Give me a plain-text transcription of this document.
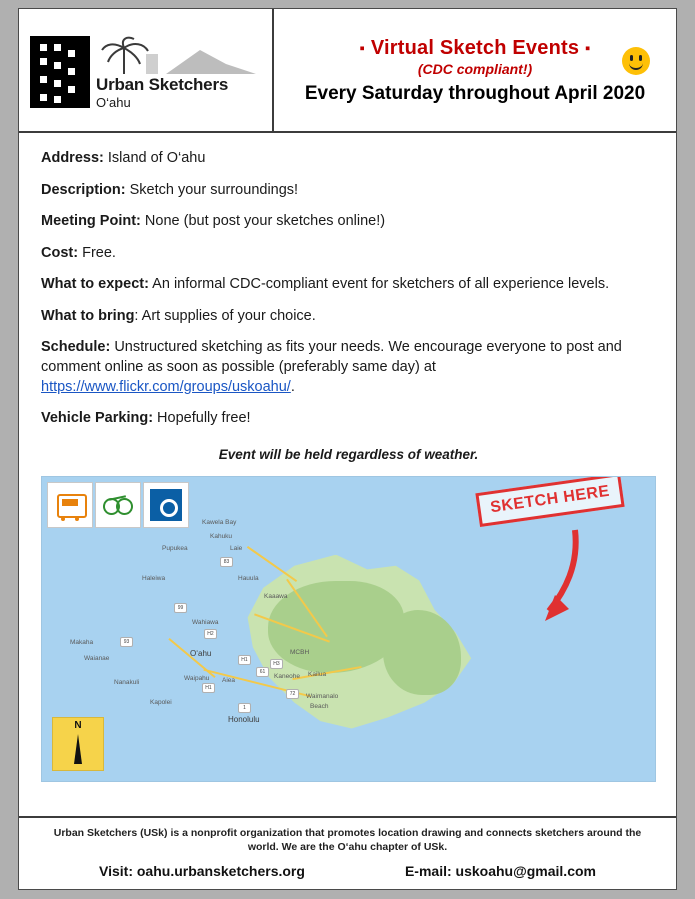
Urban Sketchers
O‘ahu
▪ Virtual Sketch Events ▪
(CDC compliant!)
Every Saturday throughout April 2020
Address: Island of O‘ahu
Description: Sketch your surroundings!
Meeting Point: None (but post your sketches online!)
Cost: Free.
What to expect: An informal CDC-compliant event for sketchers of all experience levels.
What to bring: Art supplies of your choice.
Schedule: Unstructured sketching as fits your needs. We encourage everyone to post and comment online as soon as possible (preferably same day) at https://www.flickr.com/groups/uskoahu/.
Vehicle Parking: Hopefully free!
Event will be held regardless of weather.
SKETCH HERE
N
Kawela Bay
Kahuku
Pupukea	Laie
Haleiwa	Hauula
Kaaawa
Wahiawa
Makaha
Waianae
O‘ahu	MCBH
Nanakuli
Waipahu Aiea
Kaneohe Kailua
Kapolei
Waimanalo
Beach
Honolulu
83
99
H2
93
H1
H3
72
61
H1
1
Urban Sketchers (USk) is a nonprofit organization that promotes location drawing and connects sketchers around the world. We are the O‘ahu chapter of USk.
Visit: oahu.urbansketchers.org	E-mail: uskoahu@gmail.com
